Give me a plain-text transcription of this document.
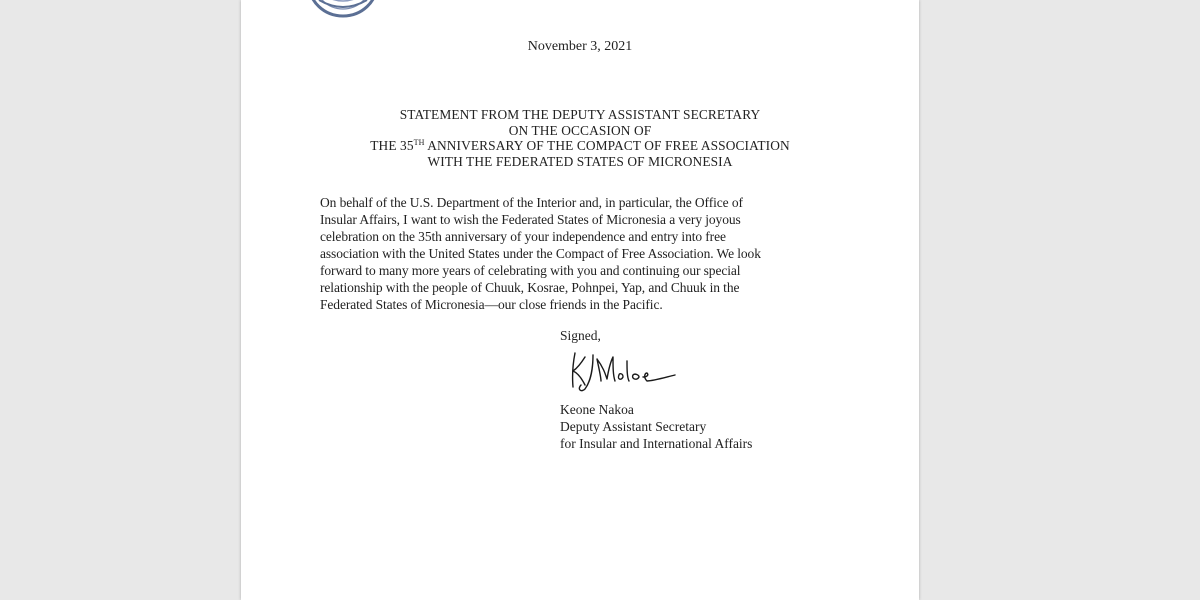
November 3, 2021
STATEMENT FROM THE DEPUTY ASSISTANT SECRETARY
ON THE OCCASION OF
THE 35TH ANNIVERSARY OF THE COMPACT OF FREE ASSOCIATION
WITH THE FEDERATED STATES OF MICRONESIA
On behalf of the U.S. Department of the Interior and, in particular, the Office of
Insular Affairs, I want to wish the Federated States of Micronesia a very joyous
celebration on the 35th anniversary of your independence and entry into free
association with the United States under the Compact of Free Association. We look
forward to many more years of celebrating with you and continuing our special
relationship with the people of Chuuk, Kosrae, Pohnpei, Yap, and Chuuk in the
Federated States of Micronesia—our close friends in the Pacific.
Signed,
Keone Nakoa
Deputy Assistant Secretary
for Insular and International Affairs
